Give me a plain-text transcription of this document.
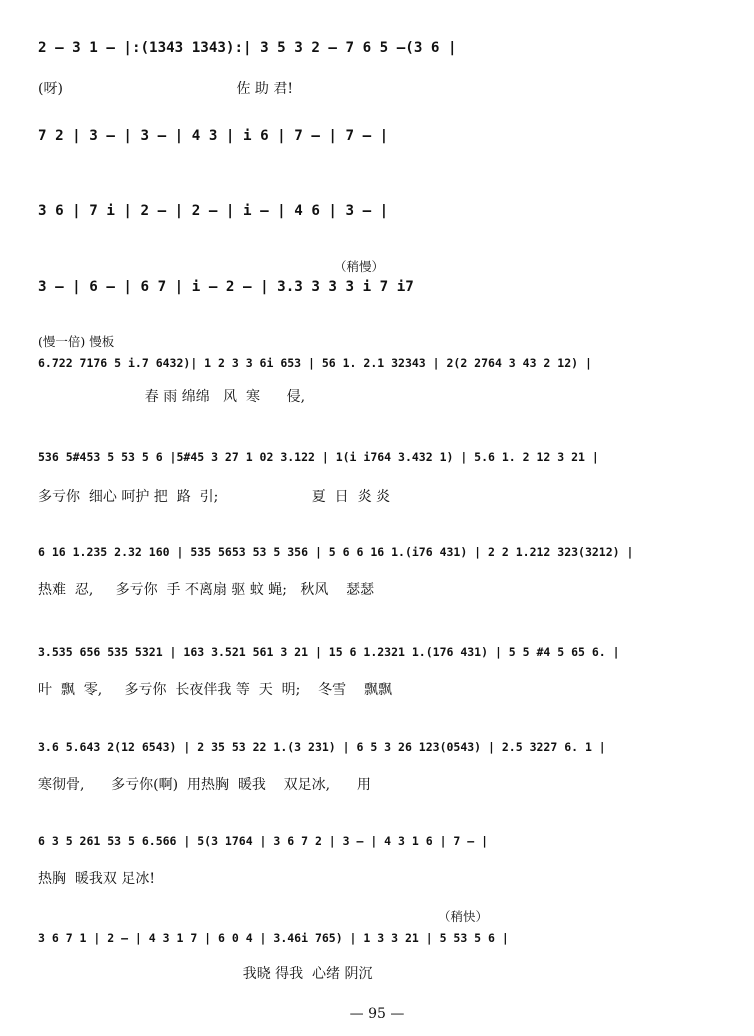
2 – 3 1 – |:(1343 1343):| 3 5 3 2 – 7 6 5 –(3 6 |
(呀)                                       佐 助 君!
7 2 | 3 – | 3 – | 4 3 | i 6 | 7 – | 7 – |
3 6 | 7 i | 2 – | 2 – | i – | 4 6 | 3 – |
（稍慢）
3 – | 6 – | 6 7 | i – 2 – | 3.3 3 3 3 i 7 i7
(慢一倍) 慢板
6.722 7176 5 i.7 6432)| 1 2 3 3 6i 653 | 56 1. 2.1 32343 | 2(2 2764 3 43 2 12) |
春 雨 绵绵   风  寒      侵,
536 5#453 5 53 5 6 |5#45 3 27 1 02 3.122 | 1(i i764 3.432 1) | 5.6 1. 2 12 3 21 |
多亏你  细心 呵护 把  路  引;                     夏  日  炎 炎
6 16 1.235 2.32 160 | 535 5653 53 5 356 | 5 6 6 16 1.(i76 431) | 2 2 1.212 323(3212) |
热难  忍,     多亏你  手 不离扇 驱 蚊 蝇;   秋风    瑟瑟
3.535 656 535 5321 | 163 3.521 561 3 21 | 15 6 1.2321 1.(176 431) | 5 5 #4 5 65 6. |
叶  飘  零,     多亏你  长夜伴我 等  天  明;    冬雪    飘飘
3.6 5.643 2(12 6543) | 2 35 53 22 1.(3 231) | 6 5 3 26 123(0543) | 2.5 3227 6. 1 |
寒彻骨,      多亏你(啊)  用热胸  暖我    双足冰,      用
6 3 5 261 53 5 6.566 | 5(3 1764 | 3 6 7 2 | 3 – | 4 3 1 6 | 7 – |
热胸  暖我双 足冰!
（稍快）
3 6 7 1 | 2 – | 4 3 1 7 | 6 0 4 | 3.46i 765) | 1 3 3 21 | 5 53 5 6 |
我晓 得我  心绪 阴沉
— 95 —
